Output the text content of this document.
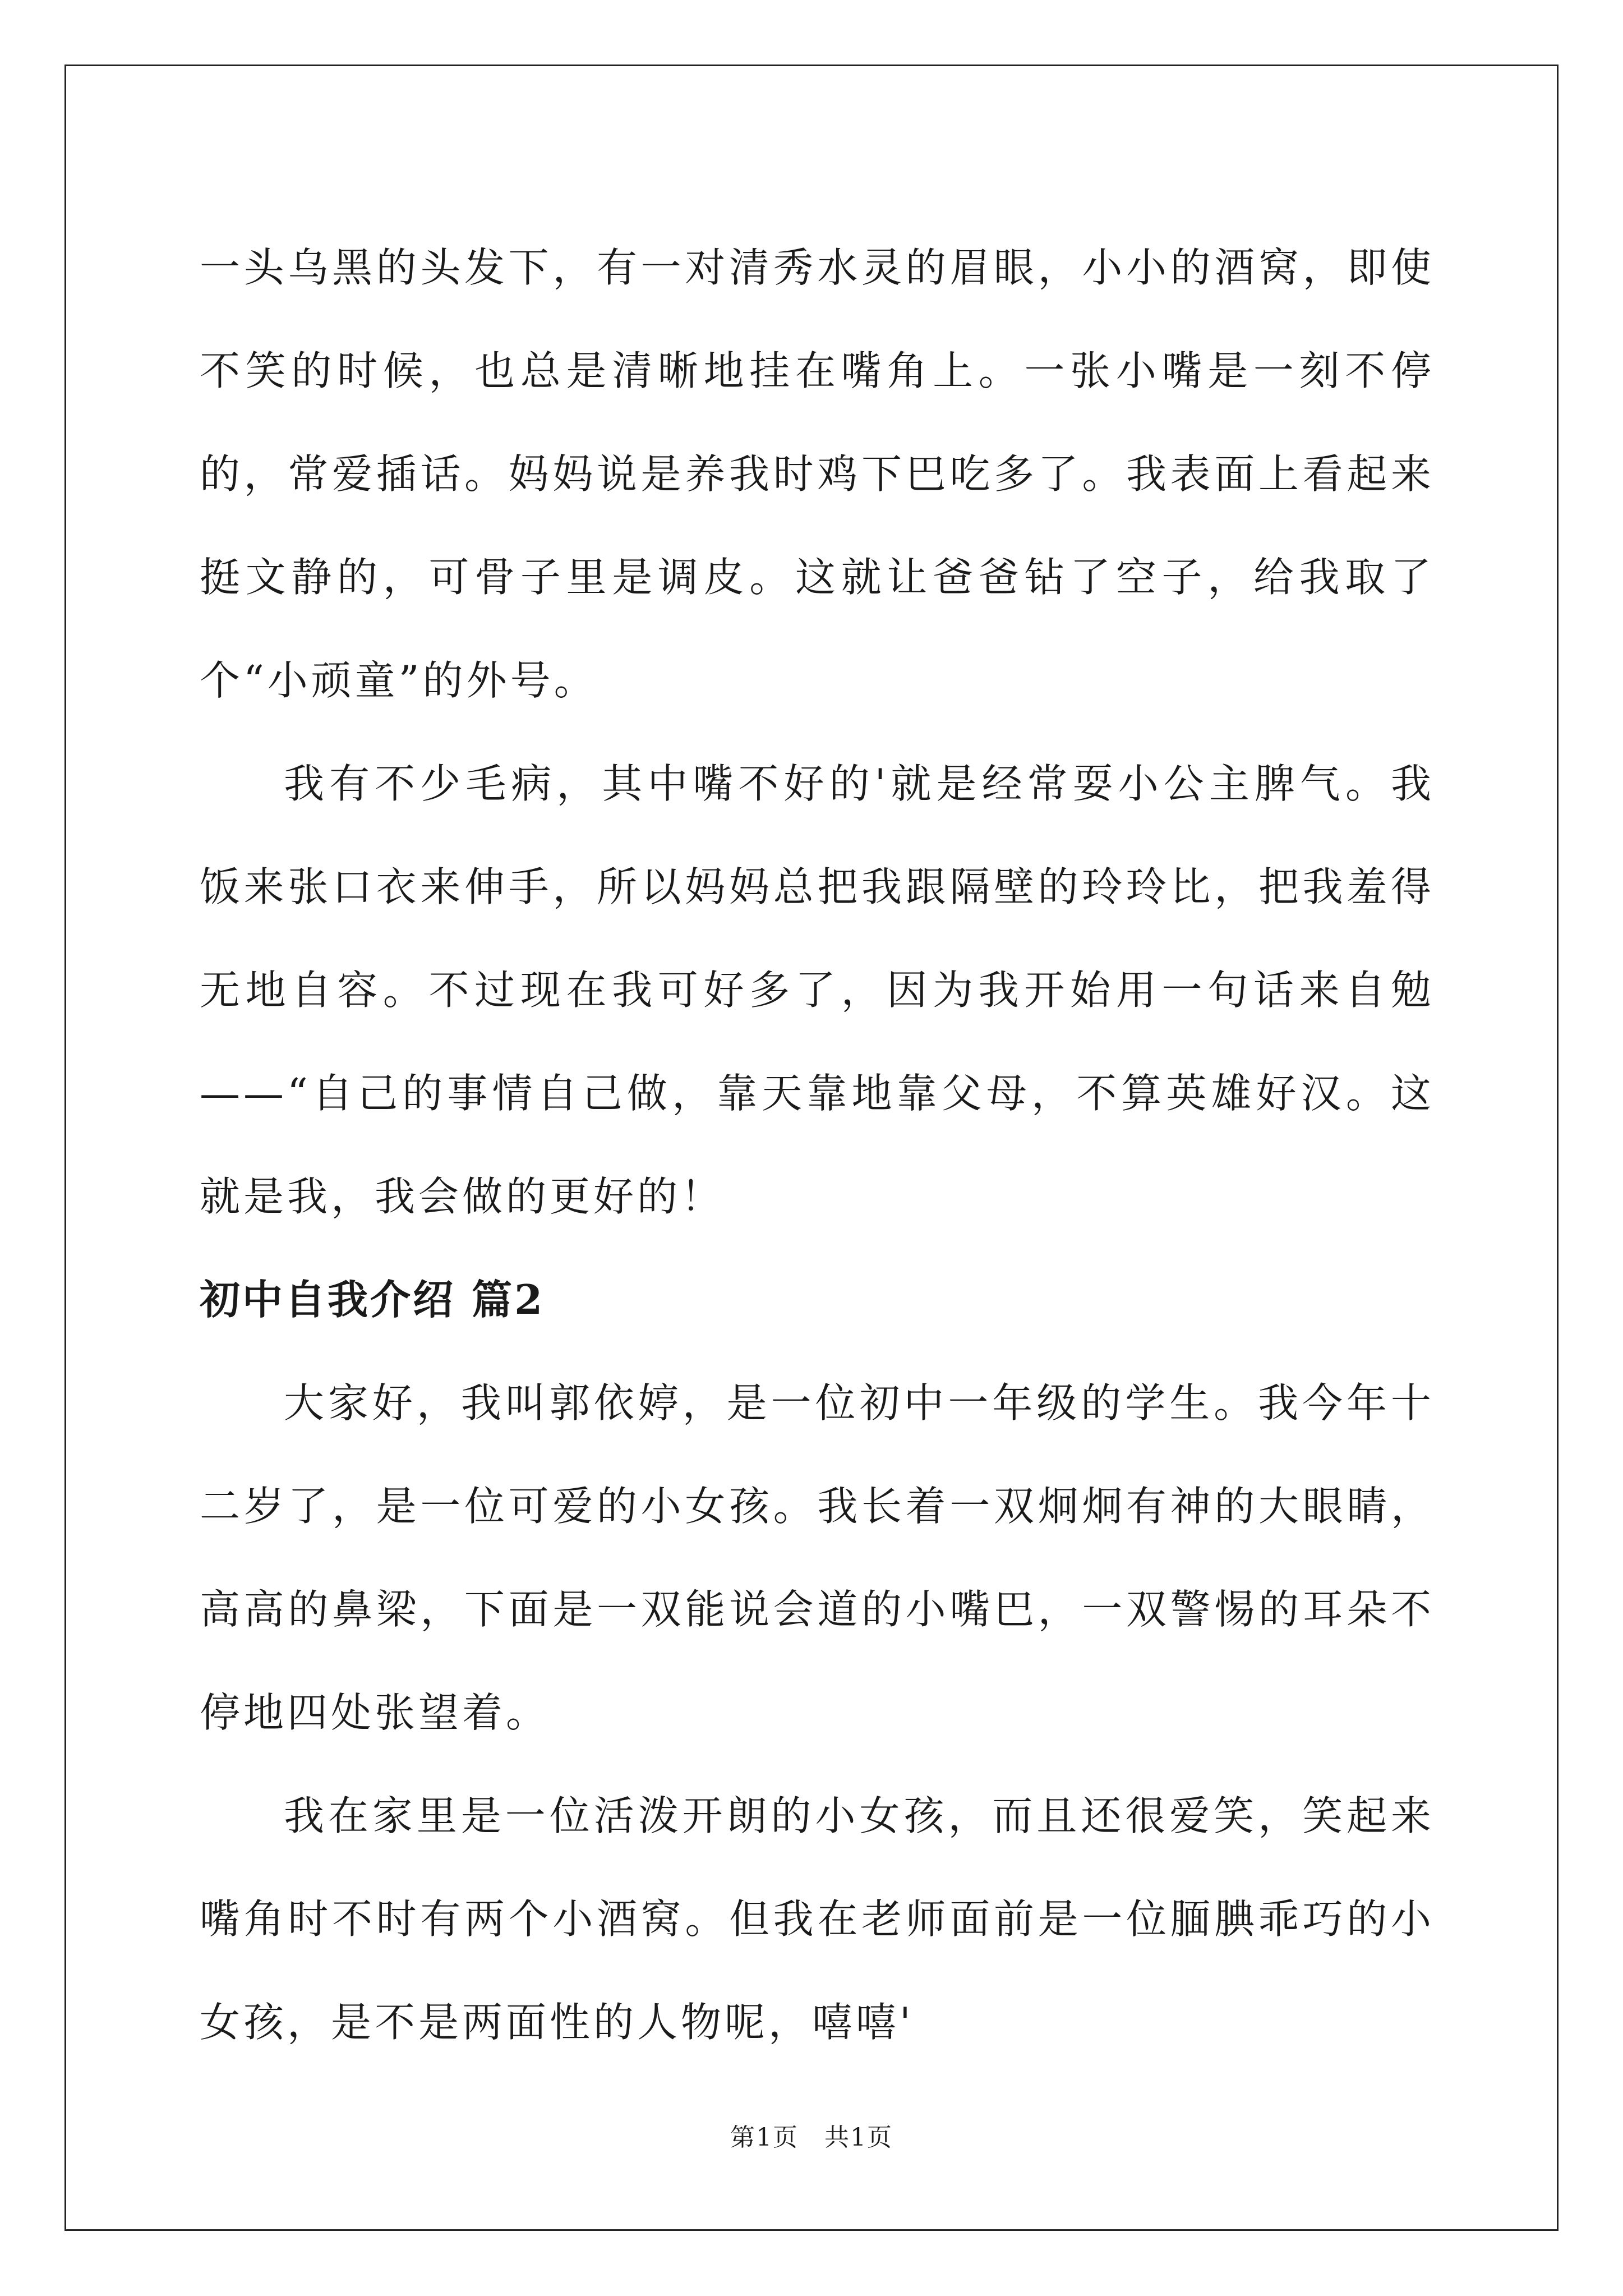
一头乌黑的头发下，有一对清秀水灵的眉眼，小小的酒窝，即使不笑的时候，也总是清晰地挂在嘴角上。一张小嘴是一刻不停的，常爱插话。妈妈说是养我时鸡下巴吃多了。我表面上看起来挺文静的，可骨子里是调皮。这就让爸爸钻了空子，给我取了个“小顽童”的外号。

我有不少毛病，其中嘴不好的'就是经常耍小公主脾气。我饭来张口衣来伸手，所以妈妈总把我跟隔壁的玲玲比，把我羞得无地自容。不过现在我可好多了，因为我开始用一句话来自勉——“自己的事情自己做，靠天靠地靠父母，不算英雄好汉。这就是我，我会做的更好的！

初中自我介绍 篇2

大家好，我叫郭依婷，是一位初中一年级的学生。我今年十二岁了，是一位可爱的小女孩。我长着一双炯炯有神的大眼睛，高高的鼻梁，下面是一双能说会道的小嘴巴，一双警惕的耳朵不停地四处张望着。

我在家里是一位活泼开朗的小女孩，而且还很爱笑，笑起来嘴角时不时有两个小酒窝。但我在老师面前是一位腼腆乖巧的小女孩，是不是两面性的人物呢，嘻嘻'

第1页　共1页
